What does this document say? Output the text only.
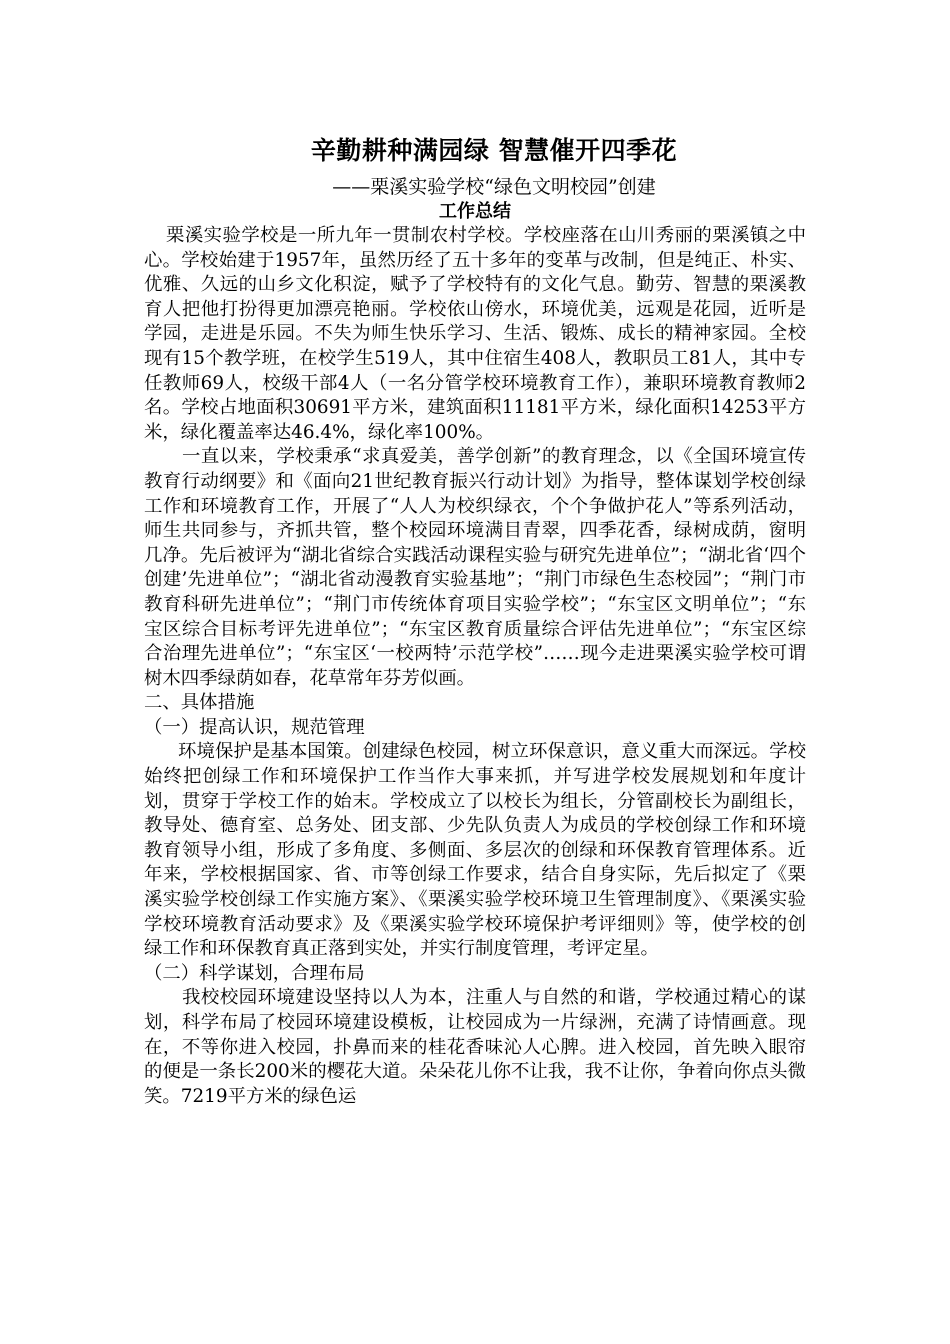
辛勤耕种满园绿 智慧催开四季花
——栗溪实验学校“绿色文明校园”创建
工作总结

栗溪实验学校是一所九年一贯制农村学校。学校座落在山川秀丽的栗溪镇之中心。学校始建于1957年，虽然历经了五十多年的变革与改制，但是纯正、朴实、优雅、久远的山乡文化积淀，赋予了学校特有的文化气息。勤劳、智慧的栗溪教育人把他打扮得更加漂亮艳丽。学校依山傍水，环境优美，远观是花园，近听是学园，走进是乐园。不失为师生快乐学习、生活、锻炼、成长的精神家园。全校现有15个教学班，在校学生519人，其中住宿生408人，教职员工81人，其中专任教师69人，校级干部4人（一名分管学校环境教育工作），兼职环境教育教师2名。学校占地面积30691平方米，建筑面积11181平方米，绿化面积14253平方米，绿化覆盖率达46.4%，绿化率100%。

一直以来，学校秉承“求真爱美，善学创新”的教育理念，以《全国环境宣传教育行动纲要》和《面向21世纪教育振兴行动计划》为指导，整体谋划学校创绿工作和环境教育工作，开展了“人人为校织绿衣，个个争做护花人”等系列活动，师生共同参与，齐抓共管，整个校园环境满目青翠，四季花香，绿树成荫，窗明几净。先后被评为“湖北省综合实践活动课程实验与研究先进单位”；“湖北省‘四个创建’先进单位”；“湖北省动漫教育实验基地”；“荆门市绿色生态校园”；“荆门市教育科研先进单位”；“荆门市传统体育项目实验学校”；“东宝区文明单位”；“东宝区综合目标考评先进单位”；“东宝区教育质量综合评估先进单位”；“东宝区综合治理先进单位”；“东宝区‘一校两特’示范学校”……现今走进栗溪实验学校可谓树木四季绿荫如春，花草常年芬芳似画。

二、具体措施
（一）提高认识，规范管理

环境保护是基本国策。创建绿色校园，树立环保意识，意义重大而深远。学校始终把创绿工作和环境保护工作当作大事来抓，并写进学校发展规划和年度计划，贯穿于学校工作的始末。学校成立了以校长为组长，分管副校长为副组长，教导处、德育室、总务处、团支部、少先队负责人为成员的学校创绿工作和环境教育领导小组，形成了多角度、多侧面、多层次的创绿和环保教育管理体系。近年来，学校根据国家、省、市等创绿工作要求，结合自身实际，先后拟定了《栗溪实验学校创绿工作实施方案》、《栗溪实验学校环境卫生管理制度》、《栗溪实验学校环境教育活动要求》及《栗溪实验学校环境保护考评细则》等，使学校的创绿工作和环保教育真正落到实处，并实行制度管理，考评定星。

（二）科学谋划，合理布局

我校校园环境建设坚持以人为本，注重人与自然的和谐，学校通过精心的谋划，科学布局了校园环境建设模板，让校园成为一片绿洲，充满了诗情画意。现在，不等你进入校园，扑鼻而来的桂花香味沁人心脾。进入校园，首先映入眼帘的便是一条长200米的樱花大道。朵朵花儿你不让我，我不让你，争着向你点头微笑。7219平方米的绿色运
